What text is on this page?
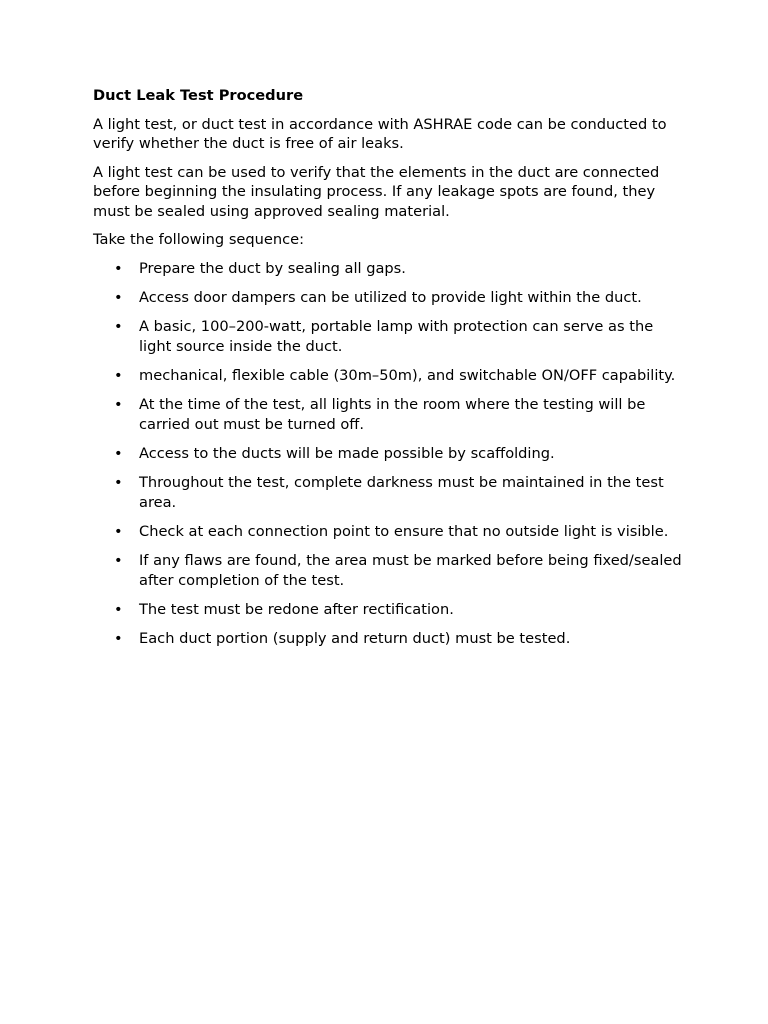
Duct Leak Test Procedure

A light test, or duct test in accordance with ASHRAE code can be conducted to verify whether the duct is free of air leaks.

A light test can be used to verify that the elements in the duct are connected before beginning the insulating process. If any leakage spots are found, they must be sealed using approved sealing material.

Take the following sequence:

• Prepare the duct by sealing all gaps.
• Access door dampers can be utilized to provide light within the duct.
• A basic, 100–200-watt, portable lamp with protection can serve as the light source inside the duct.
• mechanical, flexible cable (30m–50m), and switchable ON/OFF capability.
• At the time of the test, all lights in the room where the testing will be carried out must be turned off.
• Access to the ducts will be made possible by scaffolding.
• Throughout the test, complete darkness must be maintained in the test area.
• Check at each connection point to ensure that no outside light is visible.
• If any flaws are found, the area must be marked before being fixed/sealed after completion of the test.
• The test must be redone after rectification.
• Each duct portion (supply and return duct) must be tested.
